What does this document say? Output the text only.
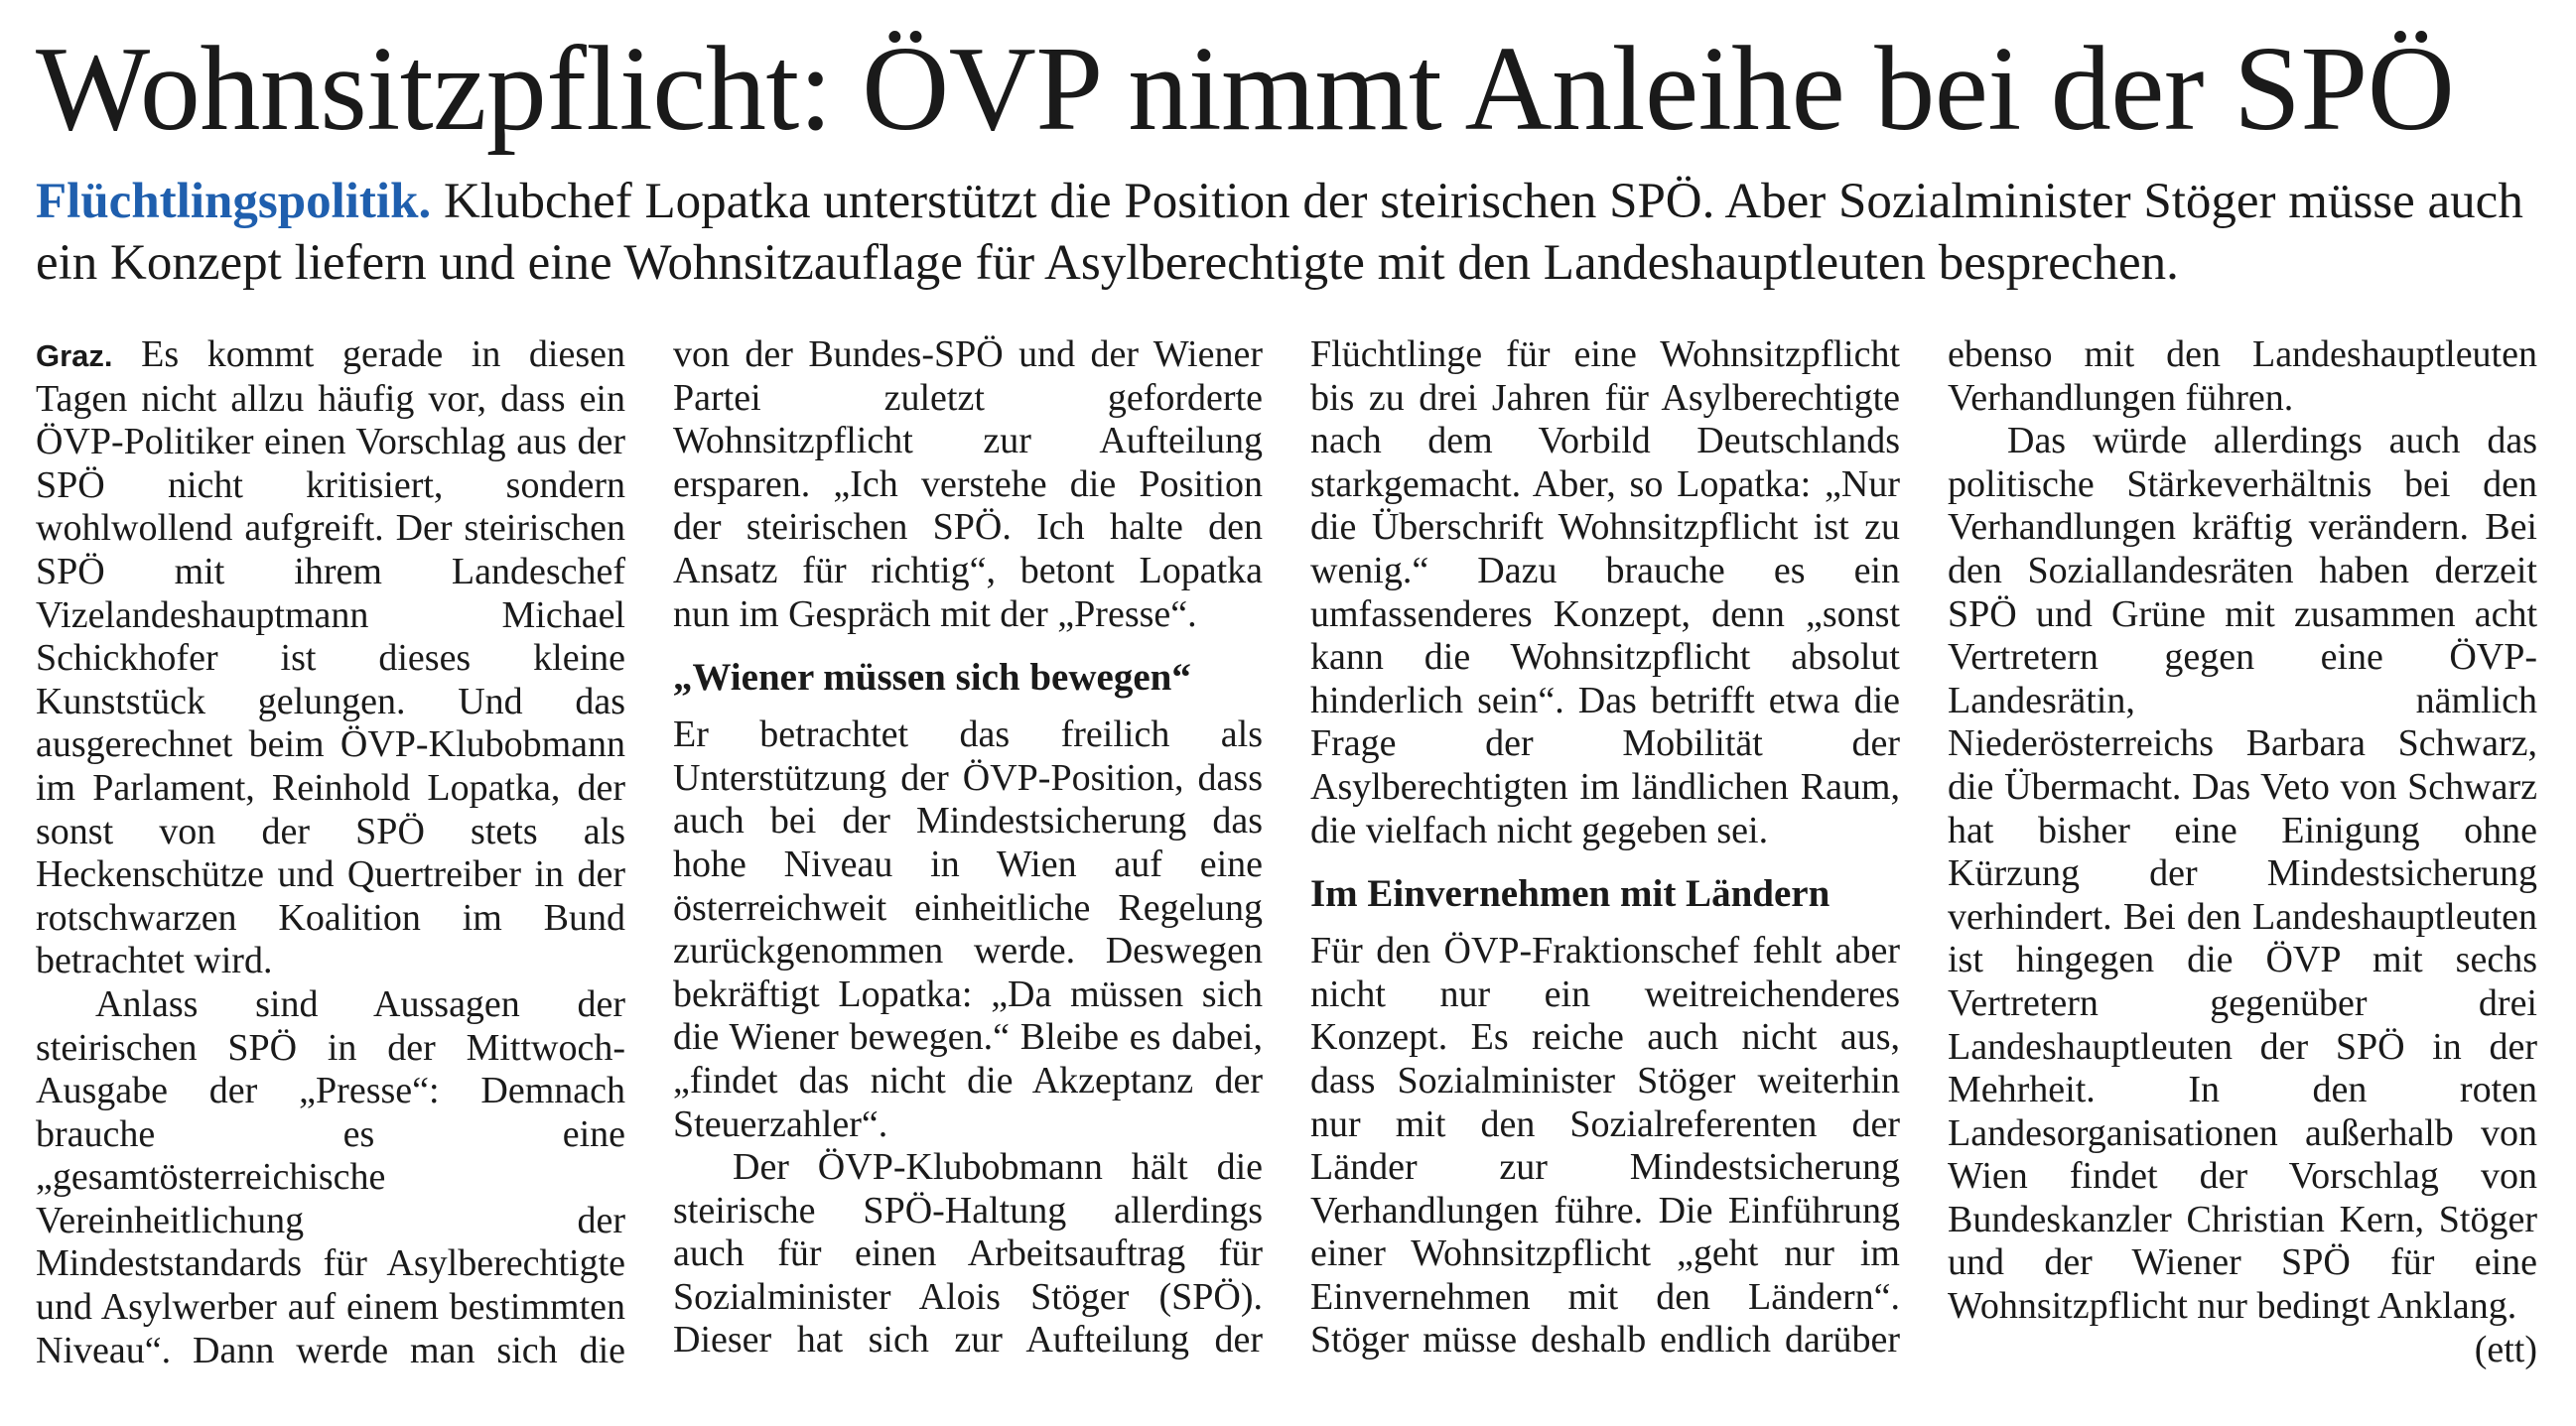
Wohnsitzpflicht: ÖVP nimmt Anleihe bei der SPÖ
Flüchtlingspolitik. Klubchef Lopatka unterstützt die Position der steirischen SPÖ. Aber Sozialminister Stöger müsse auch ein Konzept liefern und eine Wohnsitzauflage für Asylberechtigte mit den Landeshauptleuten besprechen.

Graz. Es kommt gerade in diesen Tagen nicht allzu häufig vor, dass ein ÖVP-Politiker einen Vorschlag aus der SPÖ nicht kritisiert, sondern wohlwollend aufgreift. Der steirischen SPÖ mit ihrem Landeschef Vizelandeshauptmann Michael Schickhofer ist dieses kleine Kunststück gelungen. Und das ausgerechnet beim ÖVP-Klubobmann im Parlament, Reinhold Lopatka, der sonst von der SPÖ stets als Heckenschütze und Quertreiber in der rotschwarzen Koalition im Bund betrachtet wird.

Anlass sind Aussagen der steirischen SPÖ in der Mittwoch-Ausgabe der „Presse“: Demnach brauche es eine „gesamtösterreichische Vereinheitlichung der Mindeststandards für Asylberechtigte und Asylwerber auf einem bestimmten Niveau“. Dann werde man sich die von der Bundes-SPÖ und der Wiener Partei zuletzt geforderte Wohnsitzpflicht zur Aufteilung ersparen. „Ich verstehe die Position der steirischen SPÖ. Ich halte den Ansatz für richtig“, betont Lopatka nun im Gespräch mit der „Presse“.

„Wiener müssen sich bewegen“

Er betrachtet das freilich als Unterstützung der ÖVP-Position, dass auch bei der Mindestsicherung das hohe Niveau in Wien auf eine österreichweit einheitliche Regelung zurückgenommen werde. Deswegen bekräftigt Lopatka: „Da müssen sich die Wiener bewegen.“ Bleibe es dabei, „findet das nicht die Akzeptanz der Steuerzahler“.

Der ÖVP-Klubobmann hält die steirische SPÖ-Haltung allerdings auch für einen Arbeitsauftrag für Sozialminister Alois Stöger (SPÖ). Dieser hat sich zur Aufteilung der Flüchtlinge für eine Wohnsitzpflicht bis zu drei Jahren für Asylberechtigte nach dem Vorbild Deutschlands starkgemacht. Aber, so Lopatka: „Nur die Überschrift Wohnsitzpflicht ist zu wenig.“ Dazu brauche es ein umfassenderes Konzept, denn „sonst kann die Wohnsitzpflicht absolut hinderlich sein“. Das betrifft etwa die Frage der Mobilität der Asylberechtigten im ländlichen Raum, die vielfach nicht gegeben sei.

Im Einvernehmen mit Ländern

Für den ÖVP-Fraktionschef fehlt aber nicht nur ein weitreichenderes Konzept. Es reiche auch nicht aus, dass Sozialminister Stöger weiterhin nur mit den Sozialreferenten der Länder zur Mindestsicherung Verhandlungen führe. Die Einführung einer Wohnsitzpflicht „geht nur im Einvernehmen mit den Ländern“. Stöger müsse deshalb endlich darüber ebenso mit den Landeshauptleuten Verhandlungen führen.

Das würde allerdings auch das politische Stärkeverhältnis bei den Verhandlungen kräftig verändern. Bei den Soziallandesräten haben derzeit SPÖ und Grüne mit zusammen acht Vertretern gegen eine ÖVP-Landesrätin, nämlich Niederösterreichs Barbara Schwarz, die Übermacht. Das Veto von Schwarz hat bisher eine Einigung ohne Kürzung der Mindestsicherung verhindert. Bei den Landeshauptleuten ist hingegen die ÖVP mit sechs Vertretern gegenüber drei Landeshauptleuten der SPÖ in der Mehrheit. In den roten Landesorganisationen außerhalb von Wien findet der Vorschlag von Bundeskanzler Christian Kern, Stöger und der Wiener SPÖ für eine Wohnsitzpflicht nur bedingt Anklang.
(ett)
